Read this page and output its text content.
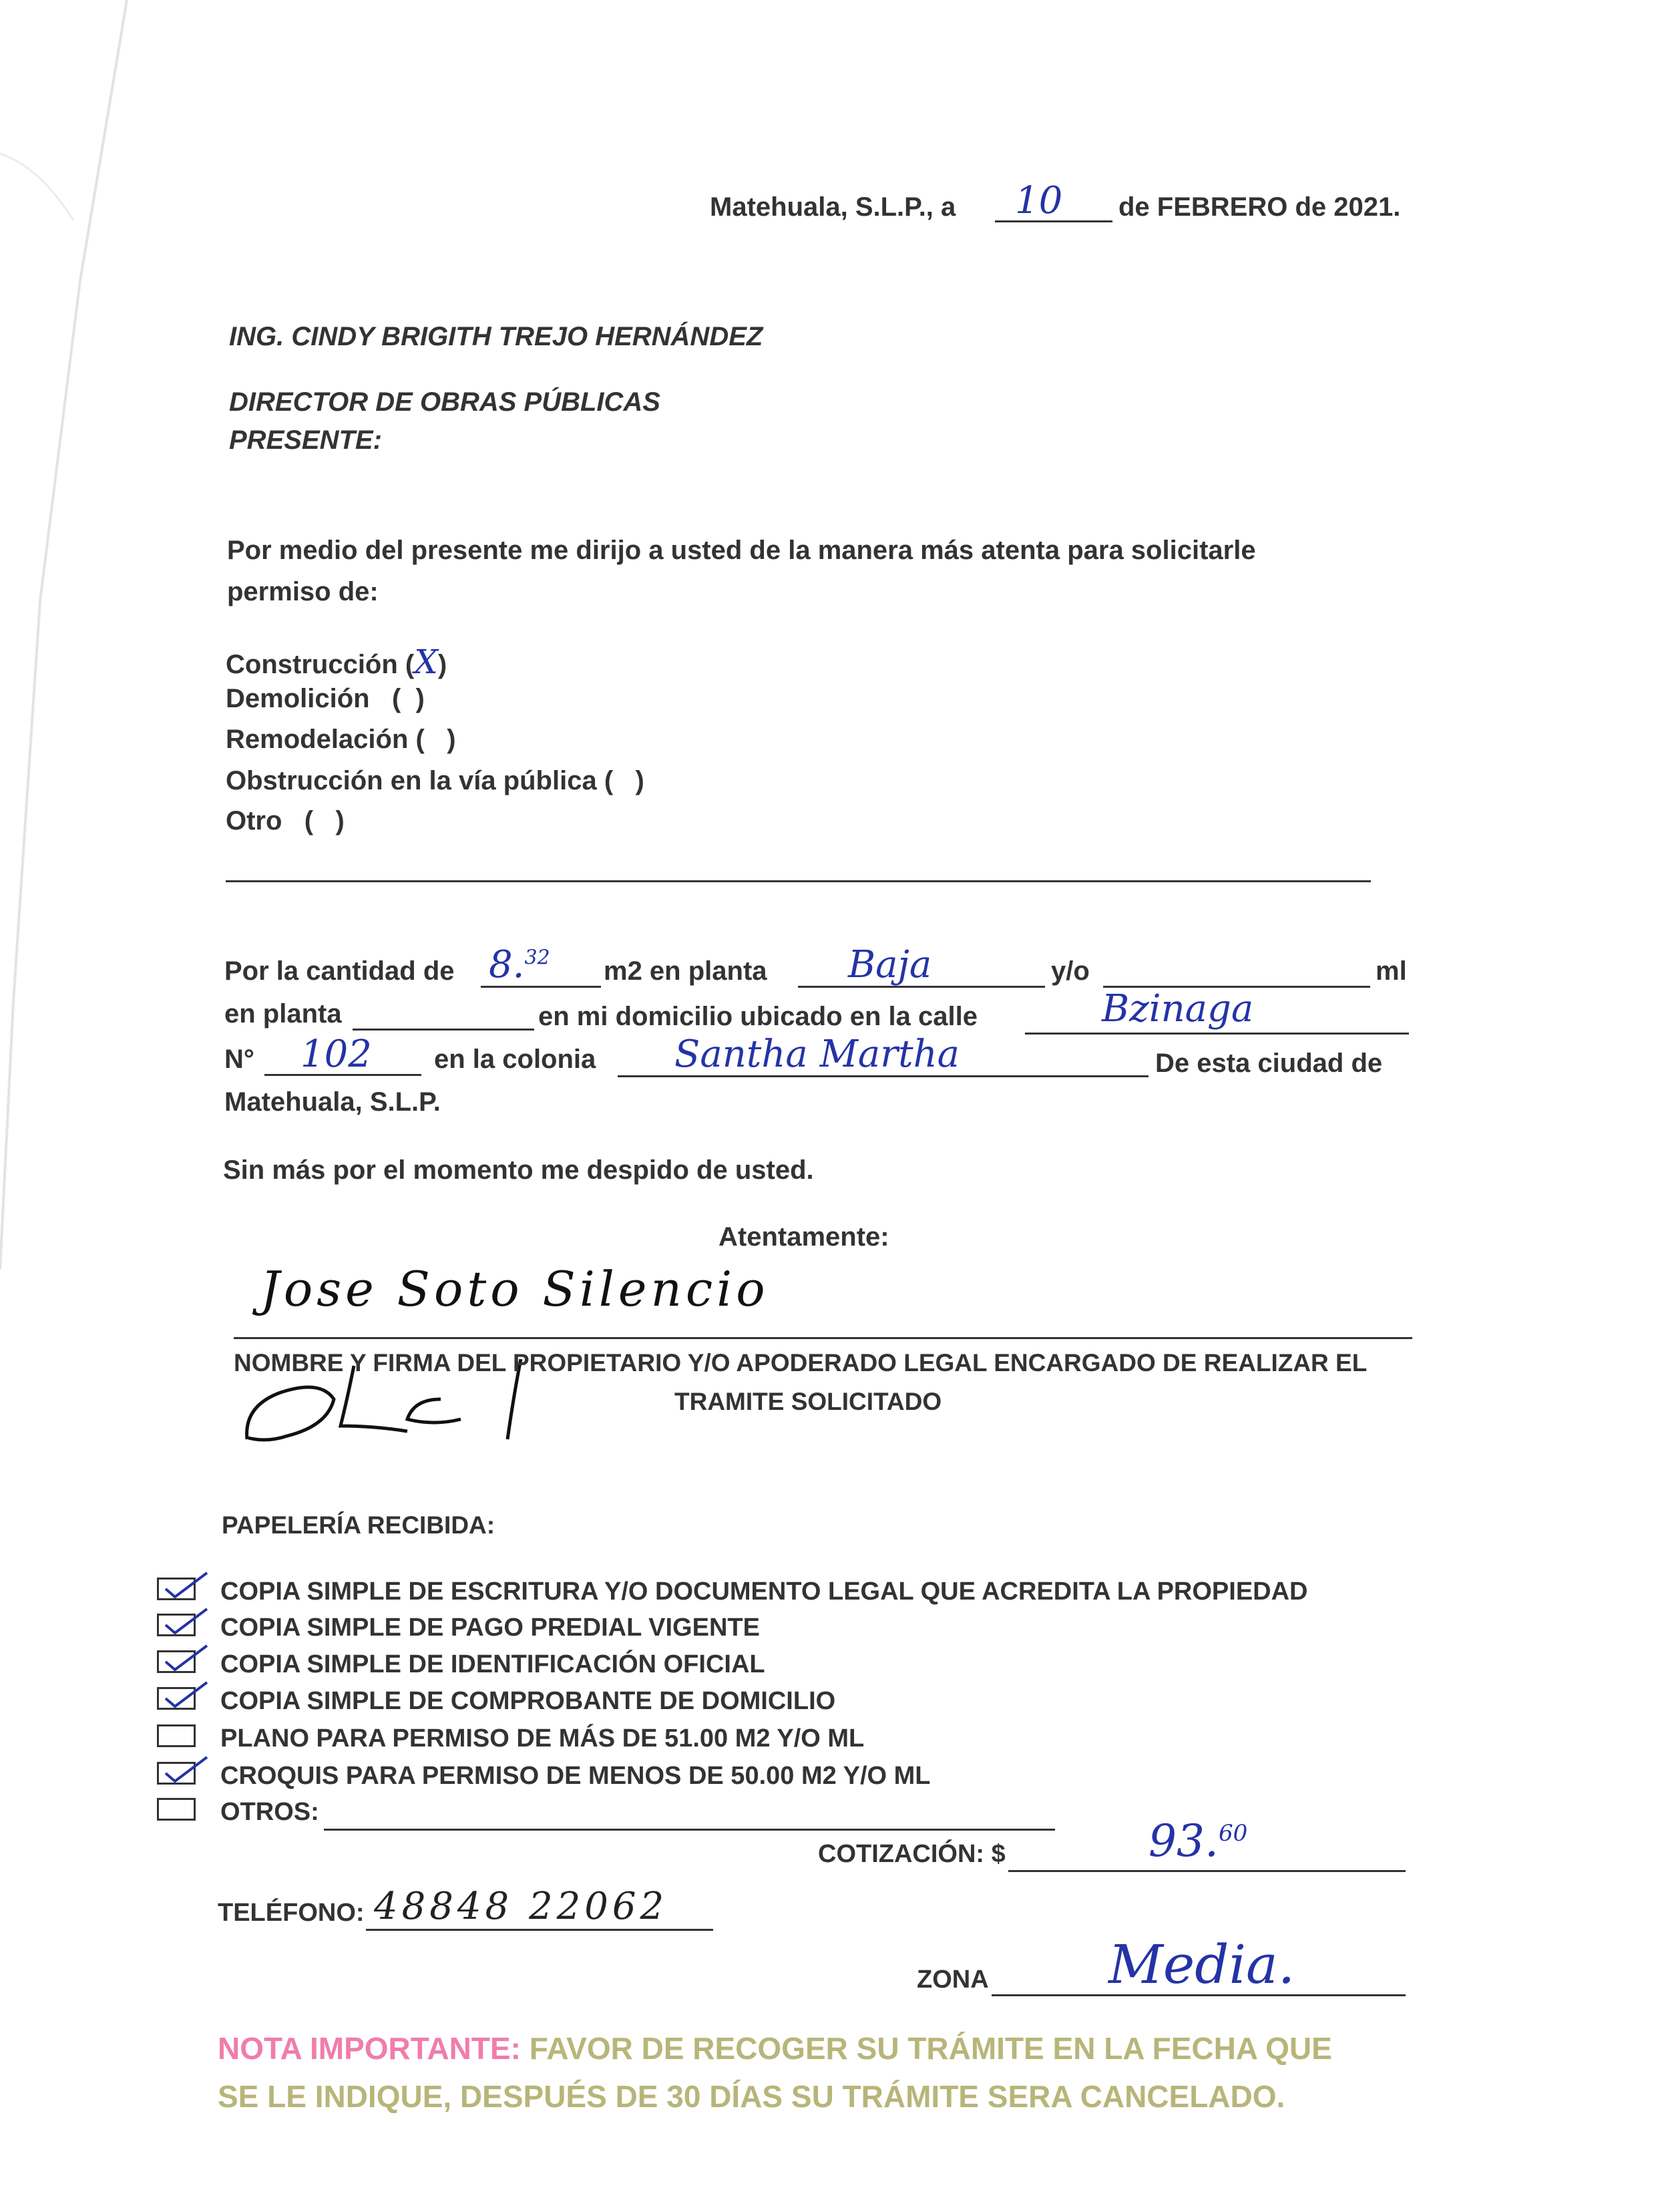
Matehuala, S.L.P., a 10 de FEBRERO de 2021.
ING. CINDY BRIGITH TREJO HERNÁNDEZ
DIRECTOR DE OBRAS PÚBLICAS
PRESENTE:
Por medio del presente me dirijo a usted de la manera más atenta para solicitarle
permiso de:
Construcción (X)
Demolición ( )
Remodelación ( )
Obstrucción en la vía pública ( )
Otro ( )
Por la cantidad de 8.32 m2 en planta Baja	y/o	ml
en planta	en mi domicilio ubicado en la calle	Bzinaga
N° 102 en la colonia Santha Martha	De esta ciudad de
Matehuala, S.L.P.
Sin más por el momento me despido de usted.
Atentamente:
Jose Soto Silencio
NOMBRE Y FIRMA DEL PROPIETARIO Y/O APODERADO LEGAL ENCARGADO DE REALIZAR EL
TRAMITE SOLICITADO
PAPELERÍA RECIBIDA:
COPIA SIMPLE DE ESCRITURA Y/O DOCUMENTO LEGAL QUE ACREDITA LA PROPIEDAD
COPIA SIMPLE DE PAGO PREDIAL VIGENTE
COPIA SIMPLE DE IDENTIFICACIÓN OFICIAL
COPIA SIMPLE DE COMPROBANTE DE DOMICILIO
PLANO PARA PERMISO DE MÁS DE 51.00 M2 Y/O ML
CROQUIS PARA PERMISO DE MENOS DE 50.00 M2 Y/O ML
OTROS:
COTIZACIÓN: $	93.60
TELÉFONO: 48848 22062
ZONA Media.
NOTA IMPORTANTE: FAVOR DE RECOGER SU TRÁMITE EN LA FECHA QUE
SE LE INDIQUE, DESPUÉS DE 30 DÍAS SU TRÁMITE SERA CANCELADO.
